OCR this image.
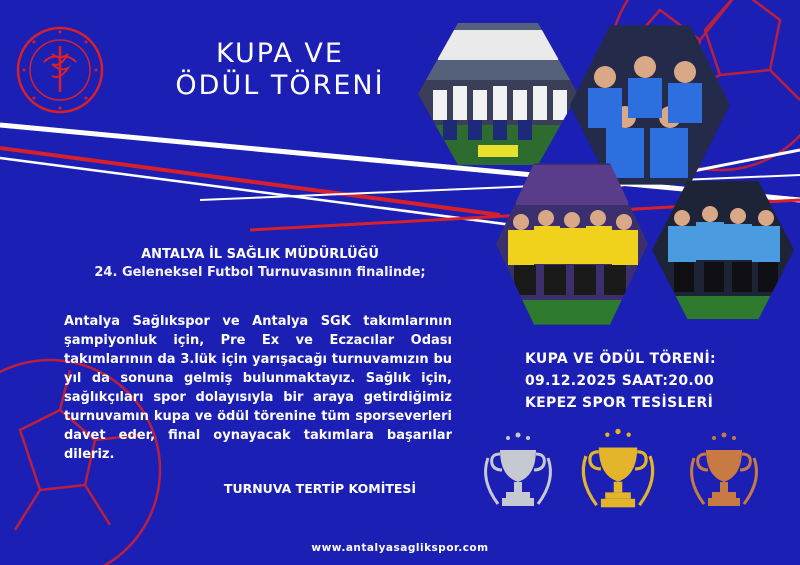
KUPA VE
ÖDÜL TÖRENİ
ANTALYA İL SAĞLIK MÜDÜRLÜĞÜ
24. Geleneksel Futbol Turnuvasının finalinde;
Antalya Sağlıkspor ve Antalya SGK takımlarının şampiyonluk için, Pre Ex ve Eczacılar Odası takımlarının da 3.lük için yarışacağı turnuvamızın bu yıl da sonuna gelmiş bulunmaktayız. Sağlık için, sağlıkçıları spor dolayısıyla bir araya getirdiğimiz turnuvamın kupa ve ödül törenine tüm sporseverleri davet eder, final oynayacak takımlara başarılar dileriz.
TURNUVA TERTİP KOMİTESİ
KUPA VE ÖDÜL TÖRENİ:
09.12.2025 SAAT:20.00
KEPEZ SPOR TESİSLERİ
www.antalyasaglikspor.com
